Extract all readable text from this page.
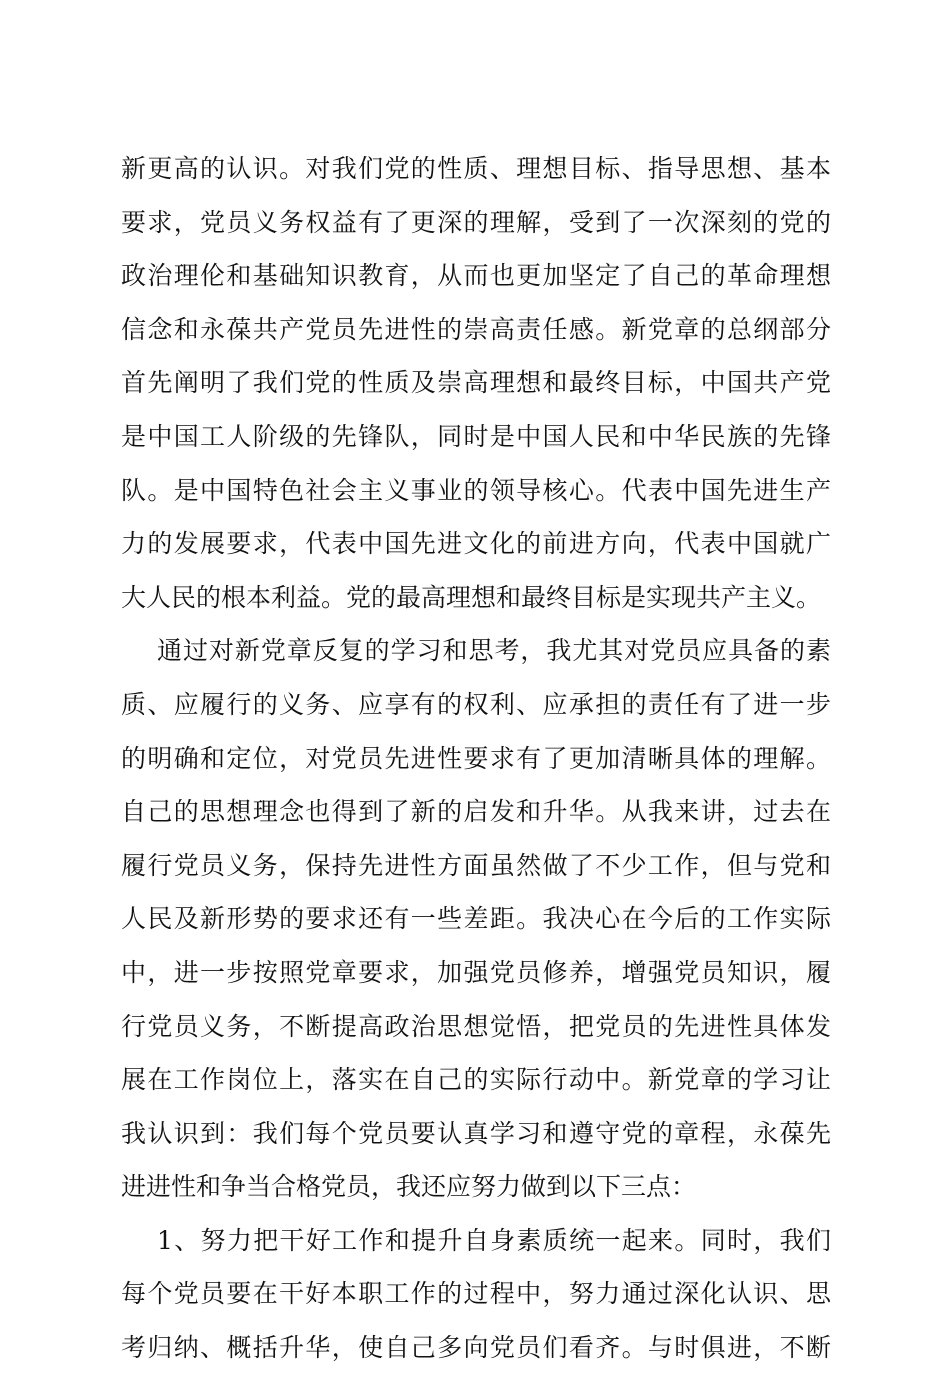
新更高的认识。对我们党的性质、理想目标、指导思想、基本
要求，党员义务权益有了更深的理解，受到了一次深刻的党的
政治理伦和基础知识教育，从而也更加坚定了自己的革命理想
信念和永葆共产党员先进性的崇高责任感。新党章的总纲部分
首先阐明了我们党的性质及崇高理想和最终目标，中国共产党
是中国工人阶级的先锋队，同时是中国人民和中华民族的先锋
队。是中国特色社会主义事业的领导核心。代表中国先进生产
力的发展要求，代表中国先进文化的前进方向，代表中国就广
大人民的根本利益。党的最高理想和最终目标是实现共产主义。
通过对新党章反复的学习和思考，我尤其对党员应具备的素
质、应履行的义务、应享有的权利、应承担的责任有了进一步
的明确和定位，对党员先进性要求有了更加清晰具体的理解。
自己的思想理念也得到了新的启发和升华。从我来讲，过去在
履行党员义务，保持先进性方面虽然做了不少工作，但与党和
人民及新形势的要求还有一些差距。我决心在今后的工作实际
中，进一步按照党章要求，加强党员修养，增强党员知识，履
行党员义务，不断提高政治思想觉悟，把党员的先进性具体发
展在工作岗位上，落实在自己的实际行动中。新党章的学习让
我认识到：我们每个党员要认真学习和遵守党的章程，永葆先
进进性和争当合格党员，我还应努力做到以下三点：
1、努力把干好工作和提升自身素质统一起来。同时，我们
每个党员要在干好本职工作的过程中，努力通过深化认识、思
考归纳、概括升华，使自己多向党员们看齐。与时俱进，不断
